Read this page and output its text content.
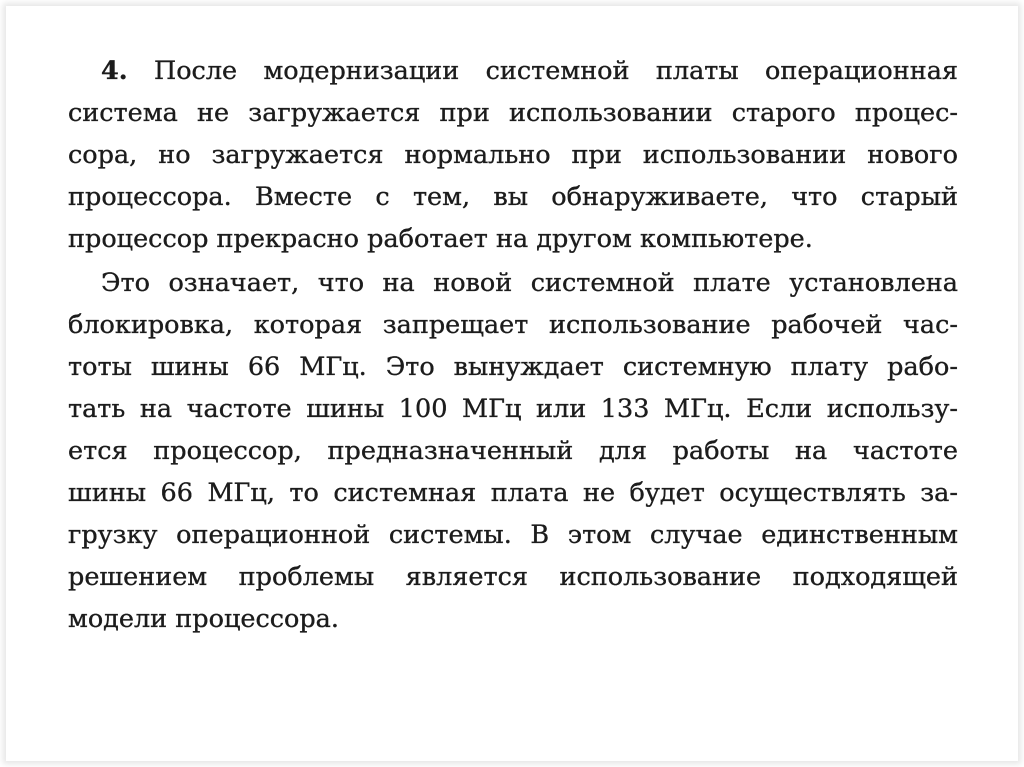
4. После модернизации системной платы операционная
система не загружается при использовании старого процес-
сора, но загружается нормально при использовании нового
процессора. Вместе с тем, вы обнаруживаете, что старый
процессор прекрасно работает на другом компьютере.
Это означает, что на новой системной плате установлена
блокировка, которая запрещает использование рабочей час-
тоты шины 66 МГц. Это вынуждает системную плату рабо-
тать на частоте шины 100 МГц или 133 МГц. Если использу-
ется процессор, предназначенный для работы на частоте
шины 66 МГц, то системная плата не будет осуществлять за-
грузку операционной системы. В этом случае единственным
решением проблемы является использование подходящей
модели процессора.
